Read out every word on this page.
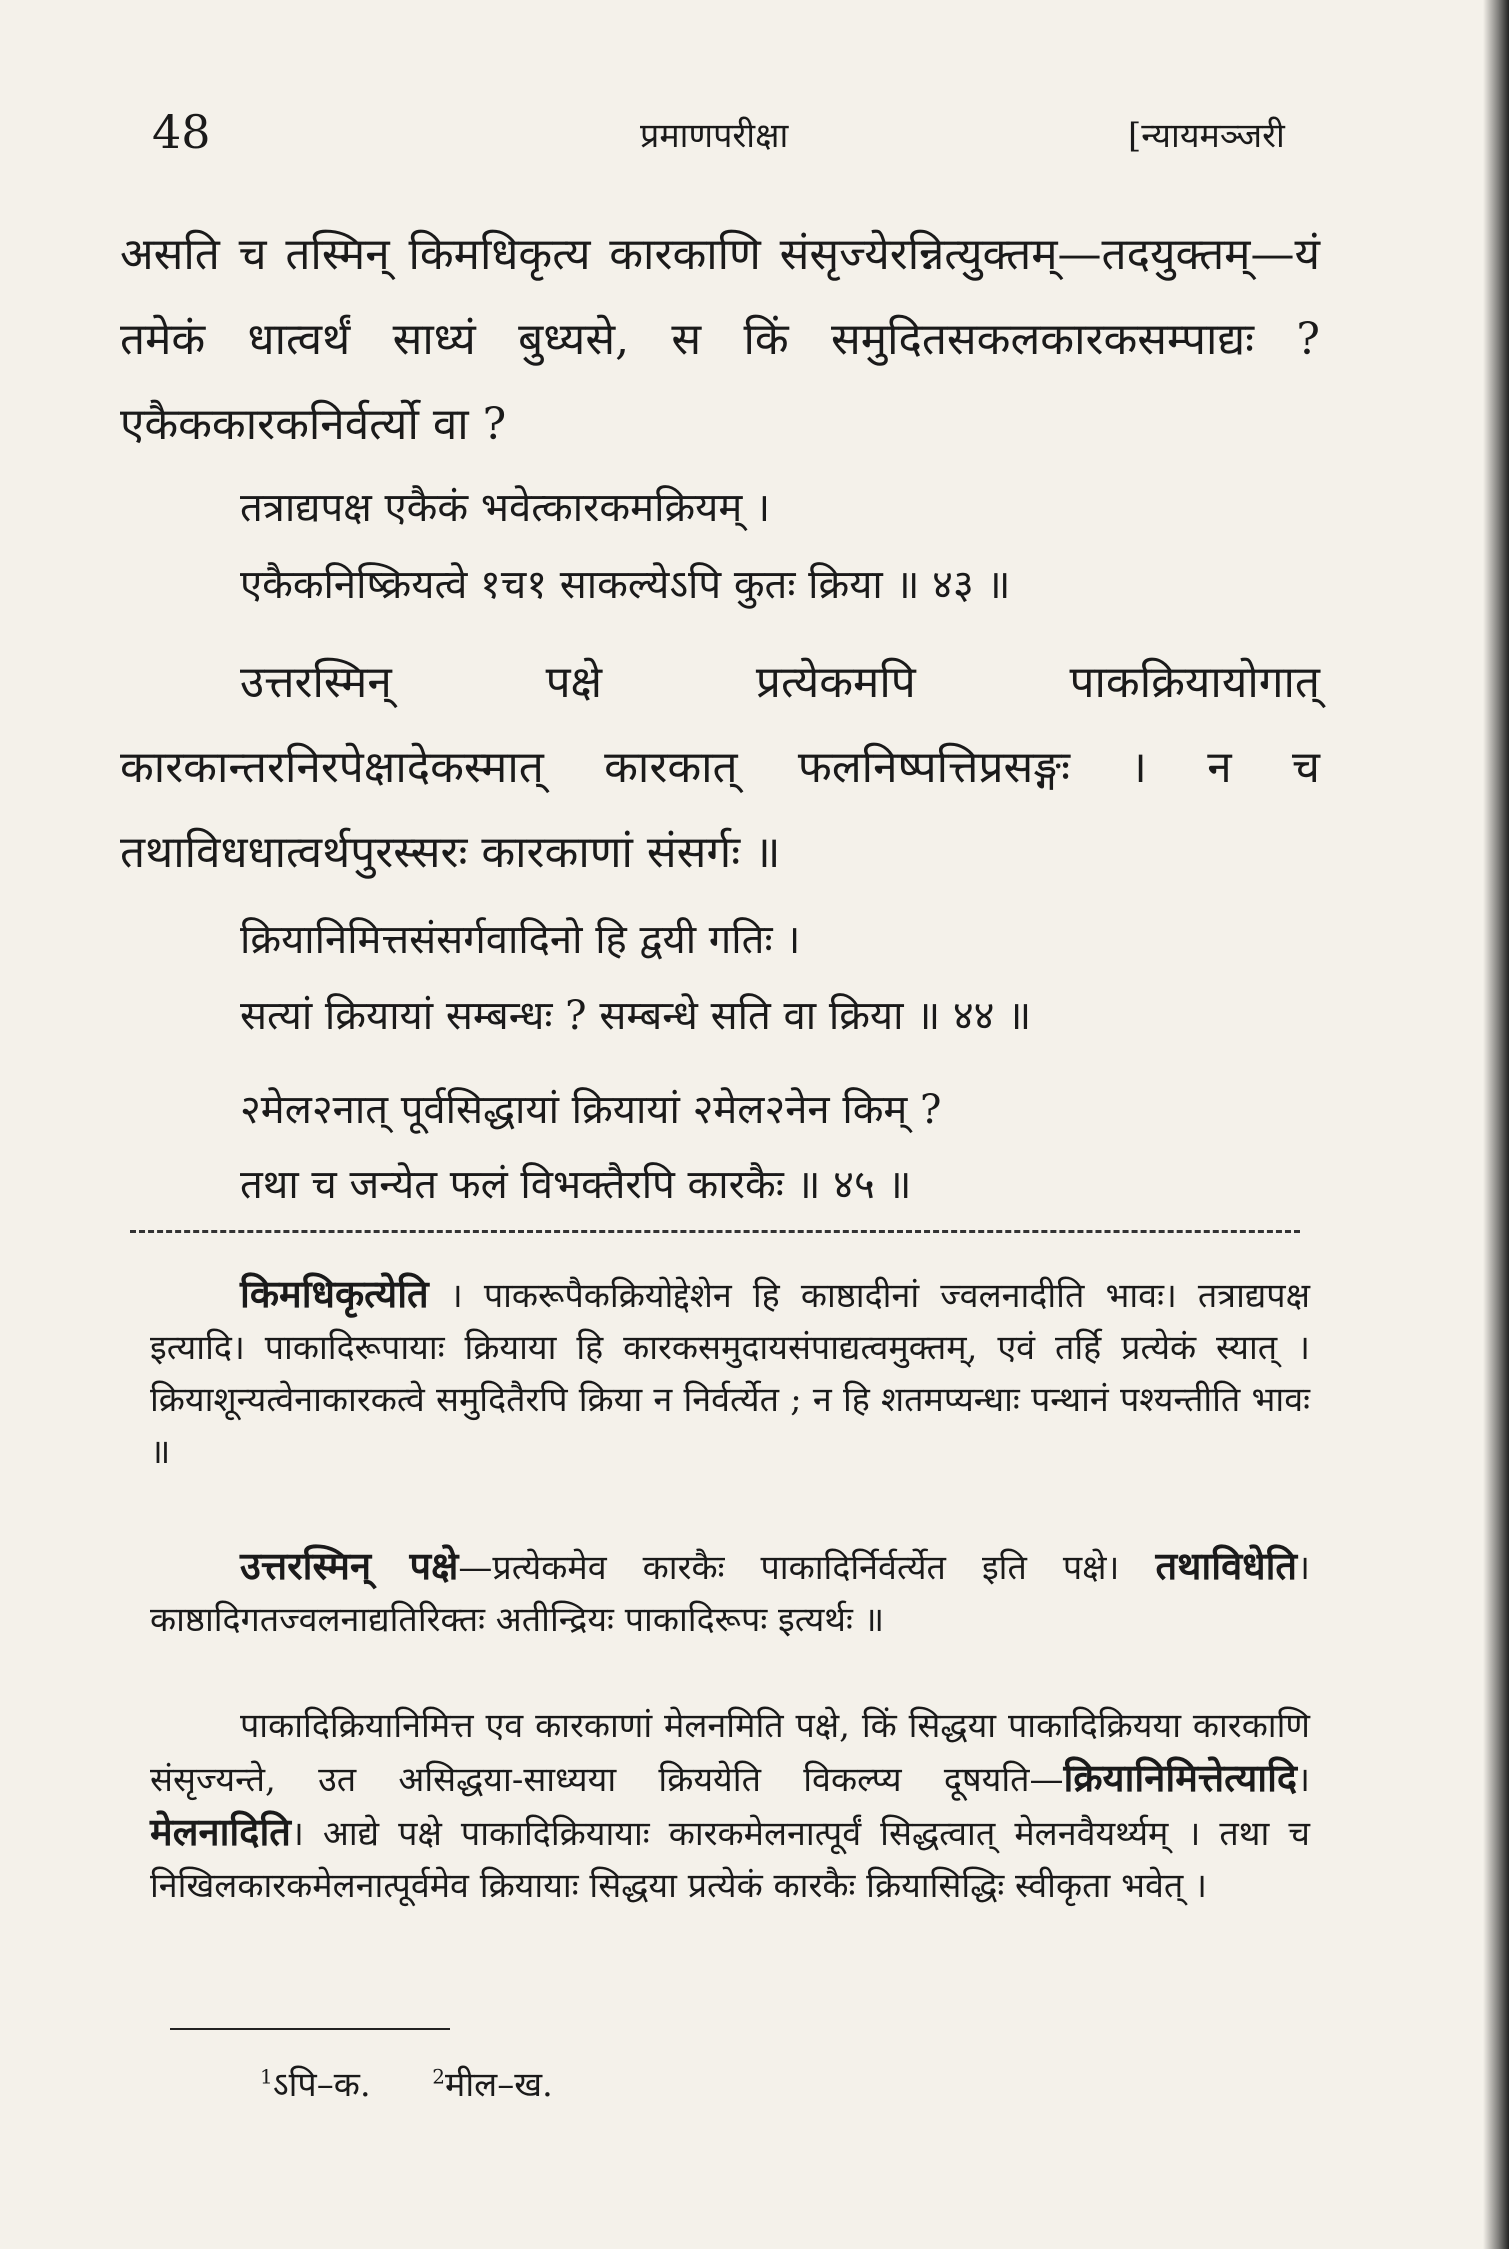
48	प्रमाणपरीक्षा	[न्यायमञ्जरी

असति च तस्मिन् किमधिकृत्य कारकाणि संसृज्येरन्नित्युक्तम्—तदयुक्तम्—यं तमेकं धात्वर्थं साध्यं बुध्यसे, स किं समुदितसकलकारकसम्पाद्यः ? एकैककारकनिर्वर्त्यो वा ?

तत्राद्यपक्ष एकैकं भवेत्कारकमक्रियम् ।

एकैकनिष्क्रियत्वे १च१ साकल्येऽपि कुतः क्रिया ॥ ४३ ॥

उत्तरस्मिन् पक्षे प्रत्येकमपि पाकक्रियायोगात् कारकान्तरनिरपेक्षादेकस्मात् कारकात् फलनिष्पत्तिप्रसङ्गः । न च तथाविधधात्वर्थपुरस्सरः कारकाणां संसर्गः ॥

क्रियानिमित्तसंसर्गवादिनो हि द्वयी गतिः ।

सत्यां क्रियायां सम्बन्धः ? सम्बन्धे सति वा क्रिया ॥ ४४ ॥

२मेल२नात् पूर्वसिद्धायां क्रियायां २मेल२नेन किम् ?

तथा च जन्येत फलं विभक्तैरपि कारकैः ॥ ४५ ॥

किमधिकृत्येति । पाकरूपैकक्रियोद्देशेन हि काष्ठादीनां ज्वलनादीति भावः। तत्राद्यपक्ष इत्यादि। पाकादिरूपायाः क्रियाया हि कारकसमुदायसंपाद्यत्वमुक्तम्, एवं तर्हि प्रत्येकं स्यात् । क्रियाशून्यत्वेनाकारकत्वे समुदितैरपि क्रिया न निर्वर्त्येत ; न हि शतमप्यन्धाः पन्थानं पश्यन्तीति भावः ॥

उत्तरस्मिन् पक्षे—प्रत्येकमेव कारकैः पाकादिर्निर्वर्त्येत इति पक्षे। तथाविधेति। काष्ठादिगतज्वलनाद्यतिरिक्तः अतीन्द्रियः पाकादिरूपः इत्यर्थः ॥

पाकादिक्रियानिमित्त एव कारकाणां मेलनमिति पक्षे, किं सिद्धया पाकादिक्रियया कारकाणि संसृज्यन्ते, उत असिद्धया-साध्यया क्रिययेति विकल्प्य दूषयति—क्रियानिमित्तेत्यादि। मेलनादिति। आद्ये पक्षे पाकादिक्रियायाः कारकमेलनात्पूर्वं सिद्धत्वात् मेलनवैयर्थ्यम् । तथा च निखिलकारकमेलनात्पूर्वमेव क्रियायाः सिद्धया प्रत्येकं कारकैः क्रियासिद्धिः स्वीकृता भवेत् ।

$^1$ऽपि–क.	$^2$मील–ख.
